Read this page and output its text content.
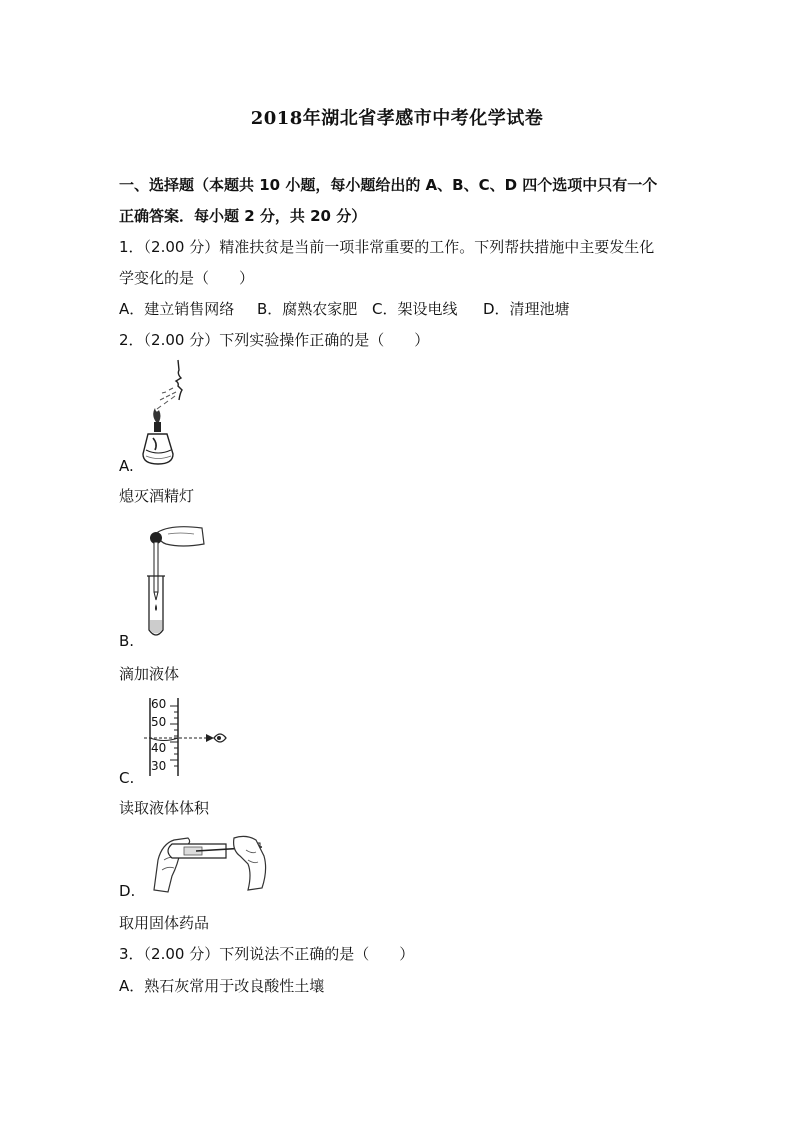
2018年湖北省孝感市中考化学试卷
一、选择题（本题共 10 小题，每小题给出的 A、B、C、D 四个选项中只有一个
正确答案．每小题 2 分，共 20 分）
1．（2.00 分）精准扶贫是当前一项非常重要的工作。下列帮扶措施中主要发生化
学变化的是（　　）
A．建立销售网络 B．腐熟农家肥 C．架设电线 D．清理池塘
2．（2.00 分）下列实验操作正确的是（　　）
A.
熄灭酒精灯
B.
滴加液体
60
50
40
30
C.
读取液体体积
D.
取用固体药品
3．（2.00 分）下列说法不正确的是（　　）
A．熟石灰常用于改良酸性土壤
